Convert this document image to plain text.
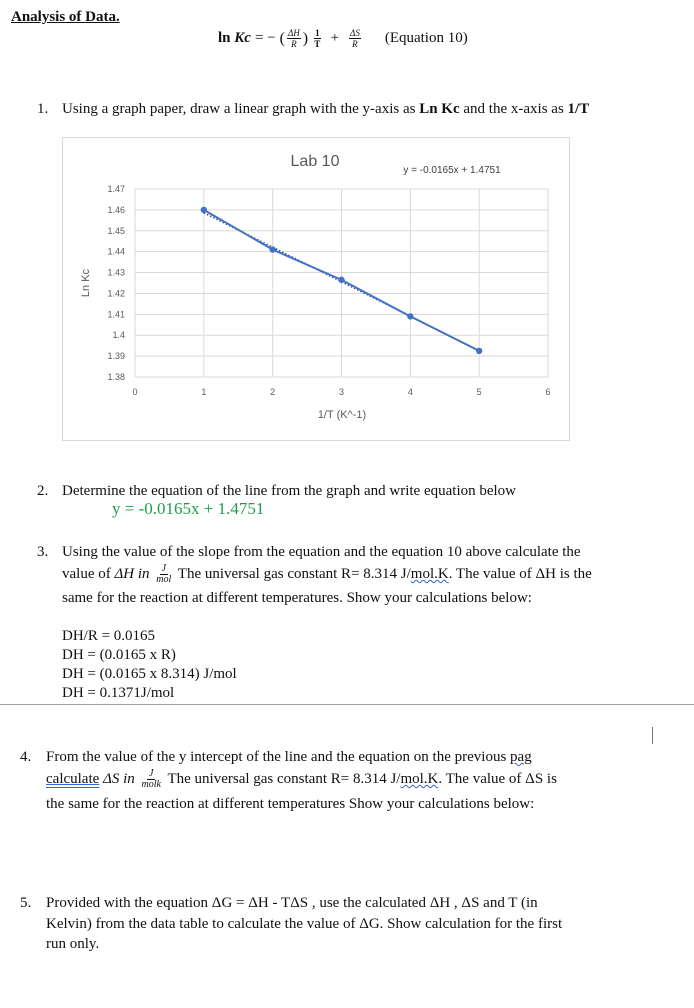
Analysis of Data.
ln Kc = − ( $\frac{\Delta H}{R}$ ) $\frac{1}{T} + \frac{\Delta S}{R}$ (Equation 10)
1. Using a graph paper, draw a linear graph with the y-axis as Ln Kc and the x-axis as 1/T
Lab 10
y = -0.0165x + 1.4751
1/T (K^-1)
Ln Kc
1.47
1.46
1.45
1.44
1.43
1.42
1.41
1.4
1.39
1.38
0	1	2	3	4	5	6
2. Determine the equation of the line from the graph and write equation below
y = -0.0165x + 1.4751
3. Using the value of the slope from the equation and the equation 10 above calculate the
value of ΔH in J
mol The universal gas constant R= 8.314 J/mol.K. The value of ΔH is the
same for the reaction at different temperatures. Show your calculations below:
DH/R = 0.0165
DH = (0.0165 x R)
DH = (0.0165 x 8.314) J/mol
DH = 0.1371J/mol
4. From the value of the y intercept of the line and the equation on the previous pag
calculate ΔS in J
molk The universal gas constant R= 8.314 J/mol.K. The value of ΔS is
the same for the reaction at different temperatures Show your calculations below:
5. Provided with the equation ΔG = ΔH - TΔS , use the calculated ΔH , ΔS and T (in
Kelvin) from the data table to calculate the value of ΔG. Show calculation for the first
run only.
